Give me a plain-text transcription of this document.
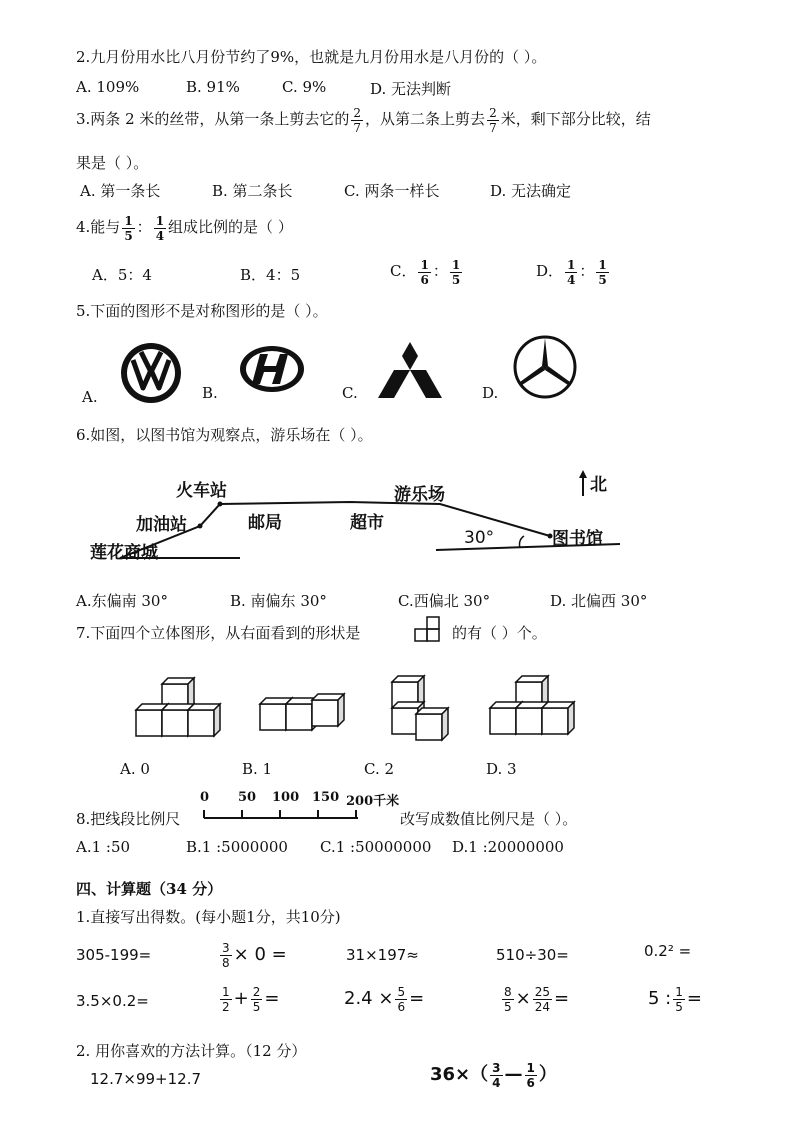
2.九月份用水比八月份节约了9%，也就是九月份用水是八月份的（ ）。
A. 109%	B. 91%	C. 9%	D. 无法判断
3.两条 2 米的丝带，从第一条上剪去它的 $\frac{2}{7}$ ，从第二条上剪去 $\frac{2}{7}$ 米，剩下部分比较，结
果是（ ）。
A. 第一条长	B. 第二条长	C. 两条一样长	D. 无法确定
4.能与 $\frac{1}{5}$ ： $\frac{1}{4}$ 组成比例的是（ ）
A．5：4	B．4：5	C． $\frac{1}{6}$ ： $\frac{1}{5}$	D． $\frac{1}{4}$ ： $\frac{1}{5}$
5.下面的图形不是对称图形的是（ ）。
A.	B.	C.	D.
6.如图，以图书馆为观察点，游乐场在（ ）。
火车站
加油站	邮局	超市
游乐场
莲花商城
图书馆
30°
北
A.东偏南 30°	B. 南偏东 30°	C.西偏北 30°	D. 北偏西 30°
7.下面四个立体图形，从右面看到的形状是	的有（ ）个。
A. 0	B. 1	C. 2	D. 3
0 50 100 150 200千米
8.把线段比例尺	改写成数值比例尺是（ ）。
A.1 :50	B.1 :5000000 C.1 :50000000 D.1 :20000000
四、计算题（34 分）
1.直接写出得数。(每小题1分，共10分)
305-199=	$\frac{3}{8} \times 0$ =	31×197≈	510÷30=	0.2² =
3.5×0.2=	$\frac{1}{2} + \frac{2}{5}$ =	$2.4 \times \frac{5}{6}$ =	$\frac{8}{5} \times \frac{25}{24}$ =	5 : $\frac{1}{5}$ =
2. 用你喜欢的方法计算。（12 分）
12.7×99+12.7	$36\times( \frac{3}{4}$ — $\frac{1}{6}$ ）
